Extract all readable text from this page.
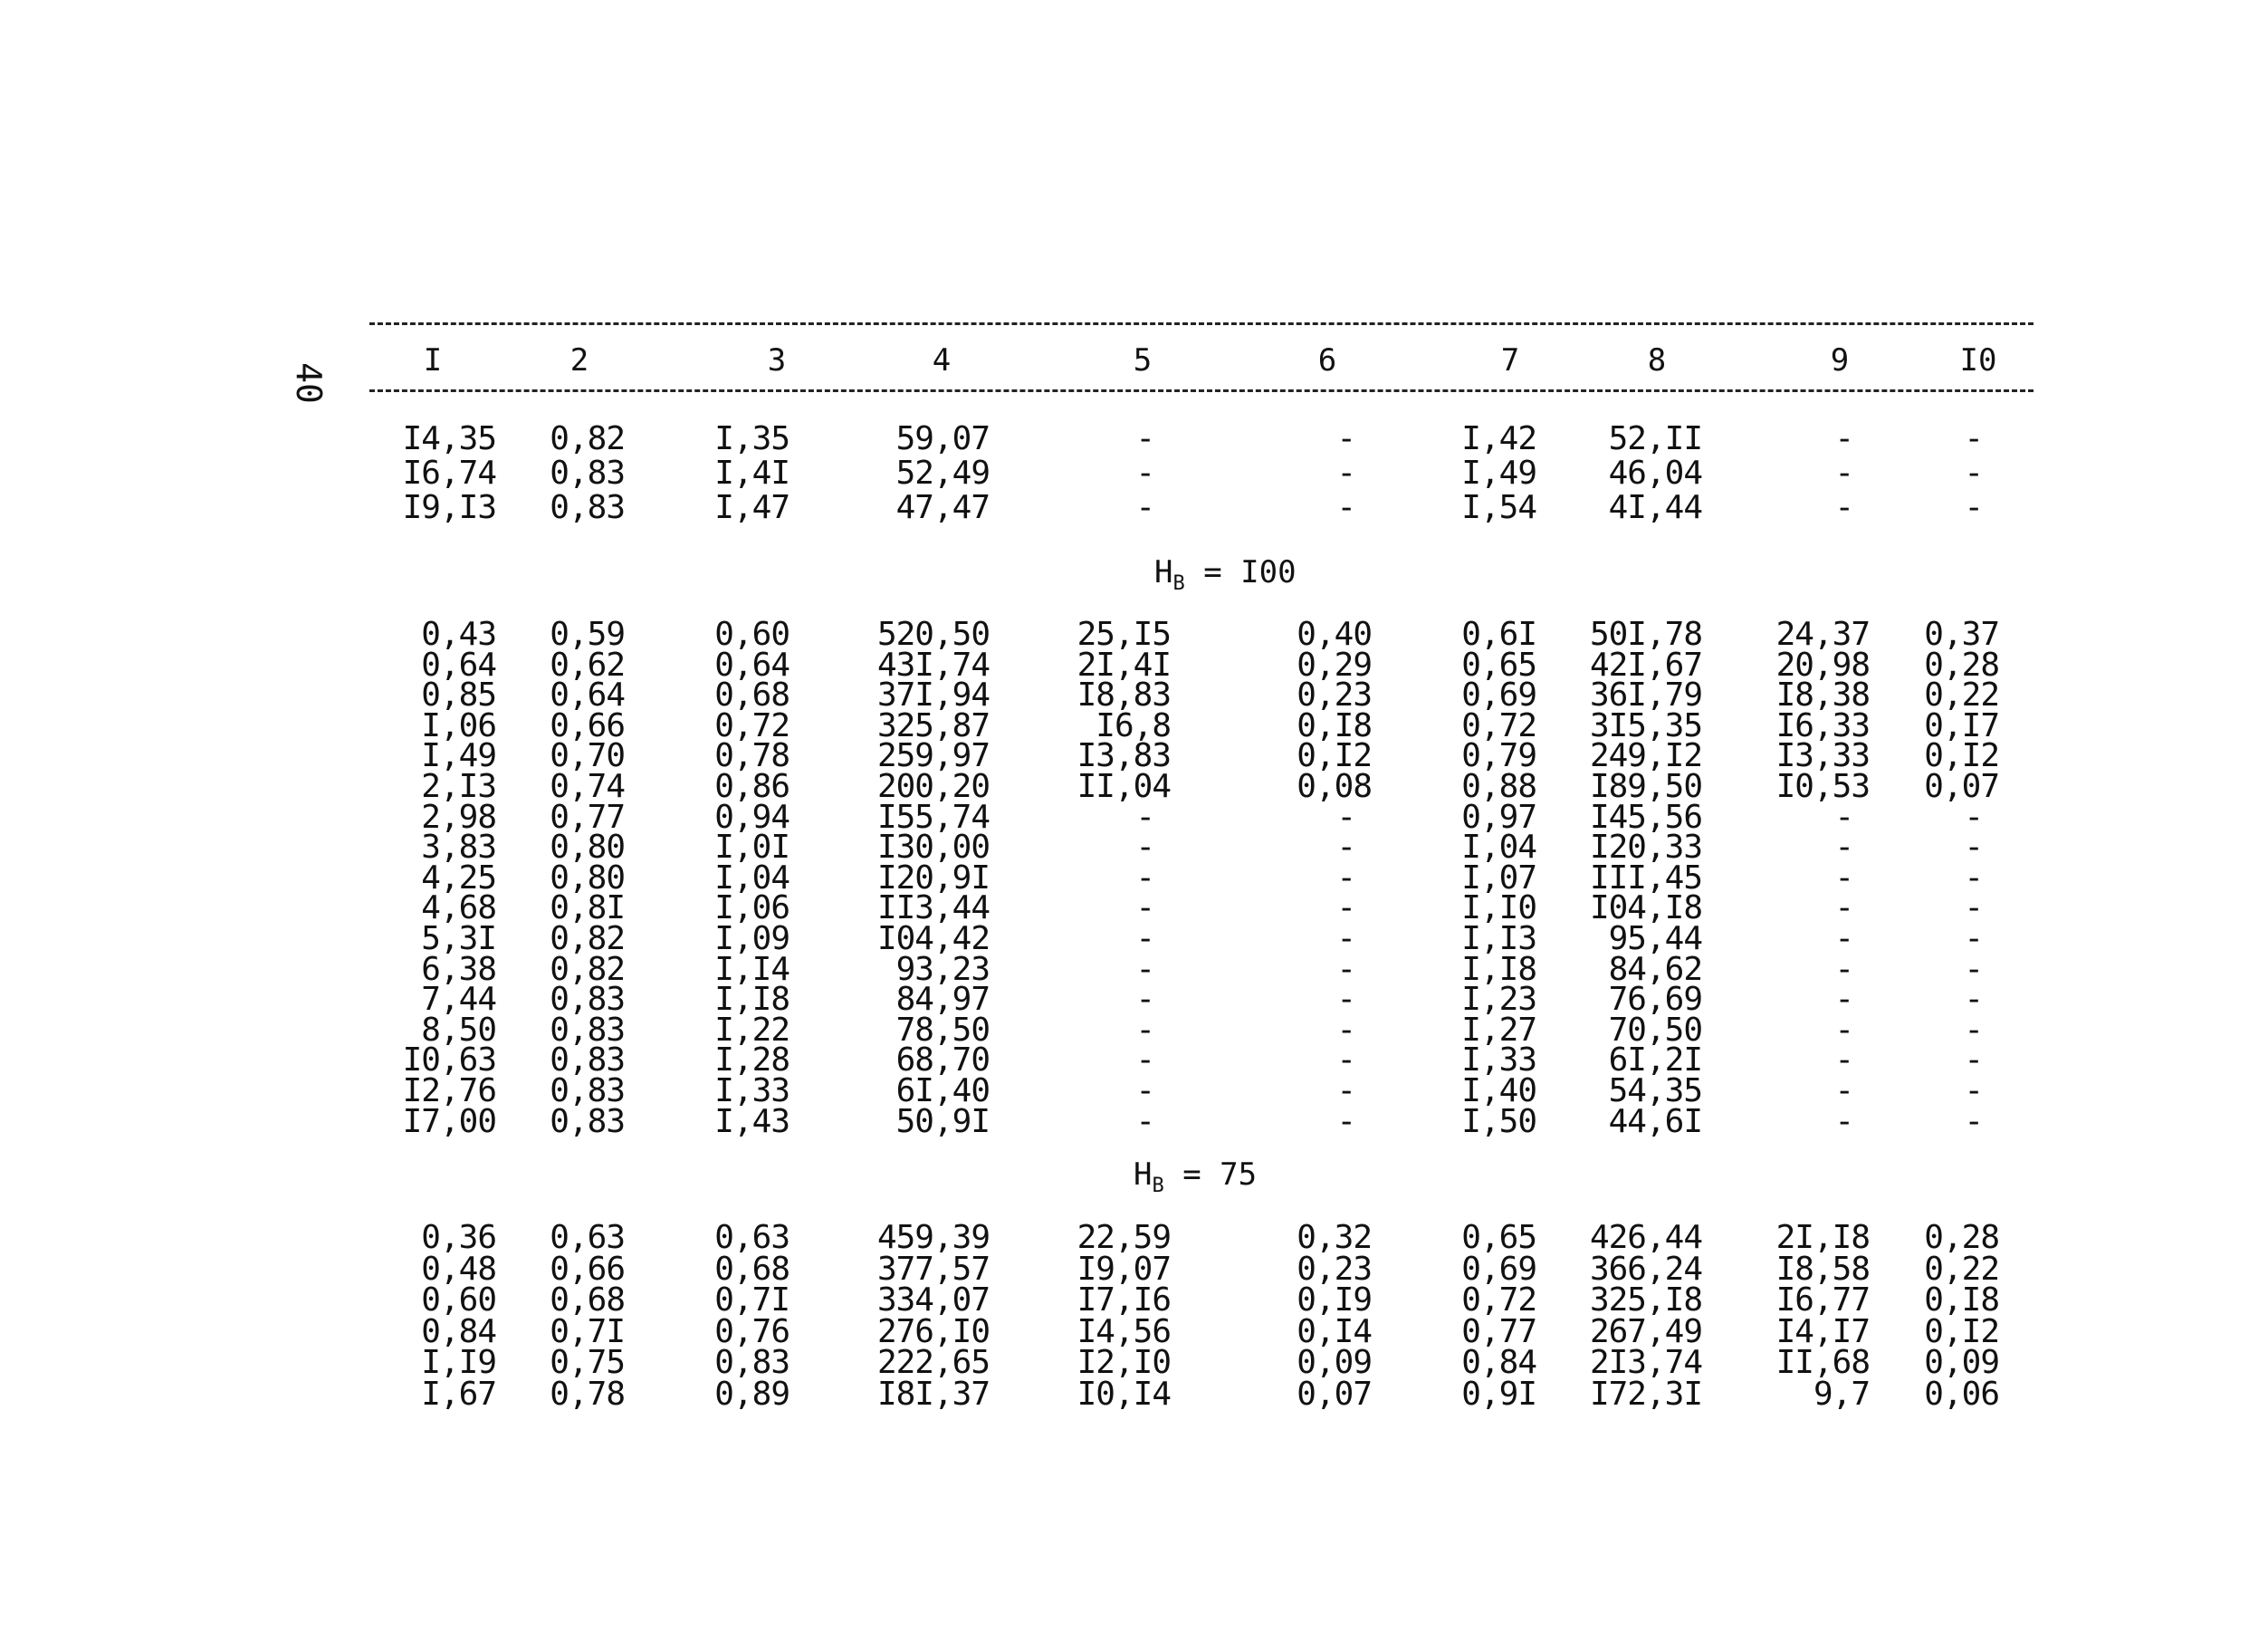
40
I	2	3	4	5	6	7	8	9	I0
I4,35 0,82	I,35	59,07	-	-	I,42 52,II	-	-
I6,74 0,83	I,4I	52,49	-	-	I,49 46,04	-	-
I9,I3 0,83	I,47	47,47	-	-	I,54 4I,44	-	-
$H_B = I00$
0,43 0,59	0,60	520,50	25,I5	0,40	0,6I 50I,78 24,37 0,37
0,64 0,62	0,64	43I,74	2I,4I	0,29	0,65 42I,67 20,98 0,28
0,85 0,64	0,68	37I,94	I8,83	0,23	0,69 36I,79 I8,38 0,22
I,06 0,66	0,72	325,87	I6,8	0,I8	0,72 3I5,35 I6,33 0,I7
I,49 0,70	0,78	259,97	I3,83	0,I2	0,79 249,I2 I3,33 0,I2
2,I3 0,74	0,86	200,20	II,04	0,08	0,88 I89,50 I0,53 0,07
2,98 0,77	0,94	I55,74	-	-	0,97 I45,56	-	-
3,83 0,80	I,0I	I30,00	-	-	I,04 I20,33	-	-
4,25 0,80	I,04	I20,9I	-	-	I,07 III,45	-	-
4,68 0,8I	I,06	II3,44	-	-	I,I0 I04,I8	-	-
5,3I 0,82	I,09	I04,42	-	-	I,I3 95,44	-	-
6,38 0,82	I,I4	93,23	-	-	I,I8 84,62	-	-
7,44 0,83	I,I8	84,97	-	-	I,23 76,69	-	-
8,50 0,83	I,22	78,50	-	-	I,27 70,50	-	-
I0,63 0,83	I,28	68,70	-	-	I,33 6I,2I	-	-
I2,76 0,83	I,33	6I,40	-	-	I,40 54,35	-	-
I7,00 0,83	I,43	50,9I	-	-	I,50 44,6I	-	-
$H_B = 75$
0,36 0,63	0,63	459,39	22,59	0,32	0,65 426,44 2I,I8 0,28
0,48 0,66	0,68	377,57	I9,07	0,23	0,69 366,24 I8,58 0,22
0,60 0,68	0,7I	334,07	I7,I6	0,I9	0,72 325,I8 I6,77 0,I8
0,84 0,7I	0,76	276,I0	I4,56	0,I4	0,77 267,49 I4,I7 0,I2
I,I9 0,75	0,83	222,65	I2,I0	0,09	0,84 2I3,74 II,68 0,09
I,67 0,78	0,89	I8I,37	I0,I4	0,07	0,9I I72,3I	9,7 0,06
